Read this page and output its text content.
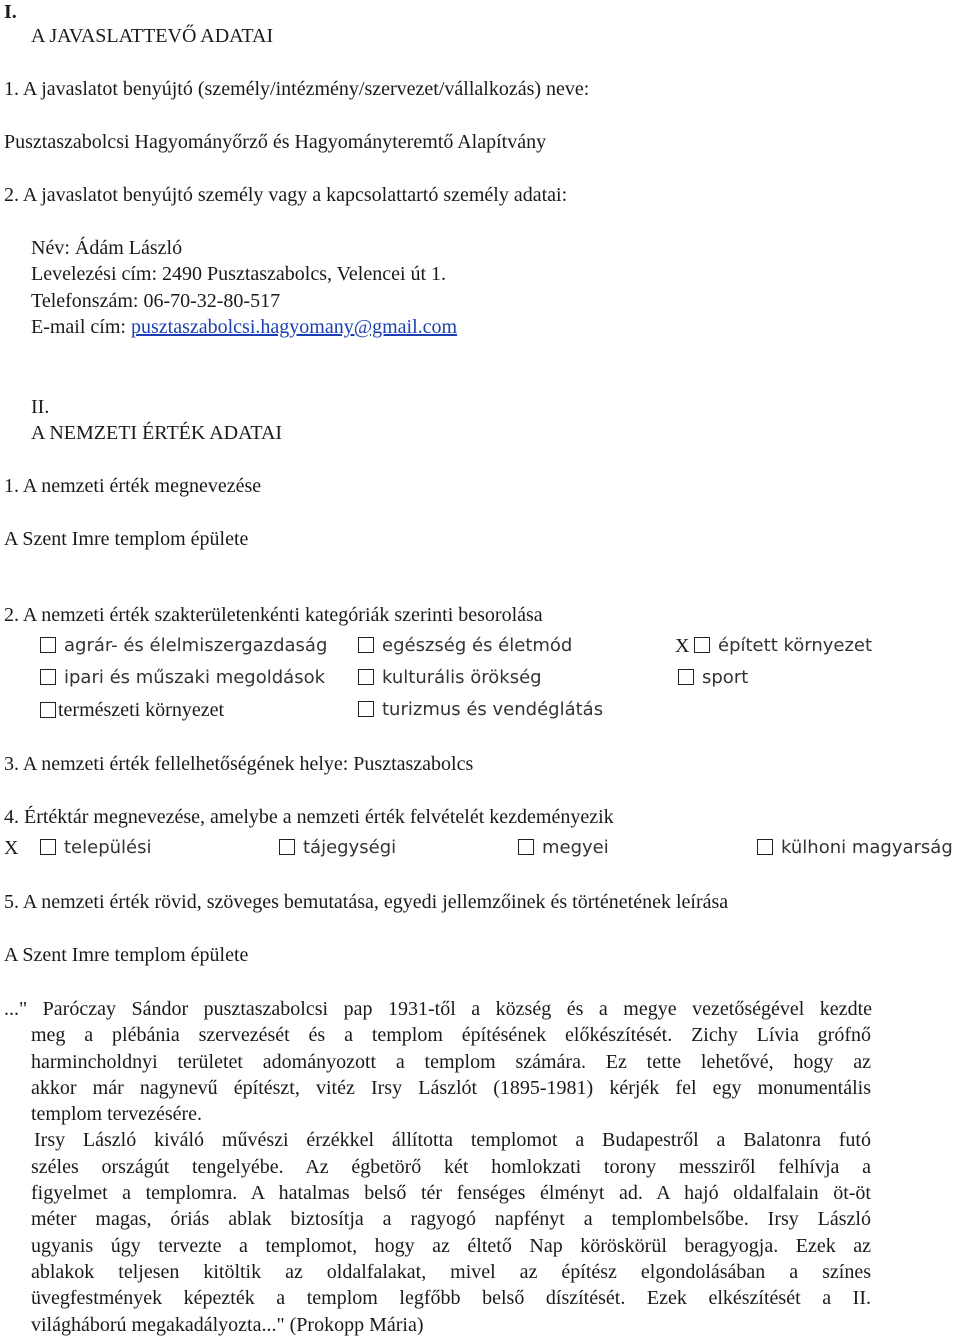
I.
A JAVASLATTEVŐ ADATAI
1. A javaslatot benyújtó (személy/intézmény/szervezet/vállalkozás) neve:
Pusztaszabolcsi Hagyományőrző és Hagyományteremtő Alapítvány
2. A javaslatot benyújtó személy vagy a kapcsolattartó személy adatai:
Név: Ádám László
Levelezési cím: 2490 Pusztaszabolcs, Velencei út 1.
Telefonszám: 06-70-32-80-517
E-mail cím: pusztaszabolcsi.hagyomany@gmail.com
II.
A NEMZETI ÉRTÉK ADATAI
1. A nemzeti érték megnevezése
A Szent Imre templom épülete
2. A nemzeti érték szakterületenkénti kategóriák szerinti besorolása
agrár- és élelmiszergazdaság	egészség és életmód	X	épített környezet
ipari és műszaki megoldások	kulturális örökség	sport
természeti környezet	turizmus és vendéglátás
3. A nemzeti érték fellelhetőségének helye: Pusztaszabolcs
4. Értéktár megnevezése, amelybe a nemzeti érték felvételét kezdeményezik
X	települési	tájegységi	megyei	külhoni magyarság
5. A nemzeti érték rövid, szöveges bemutatása, egyedi jellemzőinek és történetének leírása
A Szent Imre templom épülete
..." Paróczay Sándor pusztaszabolcsi pap 1931-től a község és a megye vezetőségével kezdte
meg a plébánia szervezését és a templom építésének előkészítését. Zichy Lívia grófnő
harmincholdnyi területet adományozott a templom számára. Ez tette lehetővé, hogy az
akkor már nagynevű építészt, vitéz Irsy Lászlót (1895-1981) kérjék fel egy monumentális
templom tervezésére.
Irsy László kiváló művészi érzékkel állította templomot a Budapestről a Balatonra futó
széles országút tengelyébe. Az égbetörő két homlokzati torony messziről felhívja a
figyelmet a templomra. A hatalmas belső tér fenséges élményt ad. A hajó oldalfalain öt-öt
méter magas, óriás ablak biztosítja a ragyogó napfényt a templombelsőbe. Irsy László
ugyanis úgy tervezte a templomot, hogy az éltető Nap köröskörül beragyogja. Ezek az
ablakok teljesen kitöltik az oldalfalakat, mivel az építész elgondolásában a színes
üvegfestmények képezték a templom legfőbb belső díszítését. Ezek elkészítését a II.
világháború megakadályozta..." (Prokopp Mária)
